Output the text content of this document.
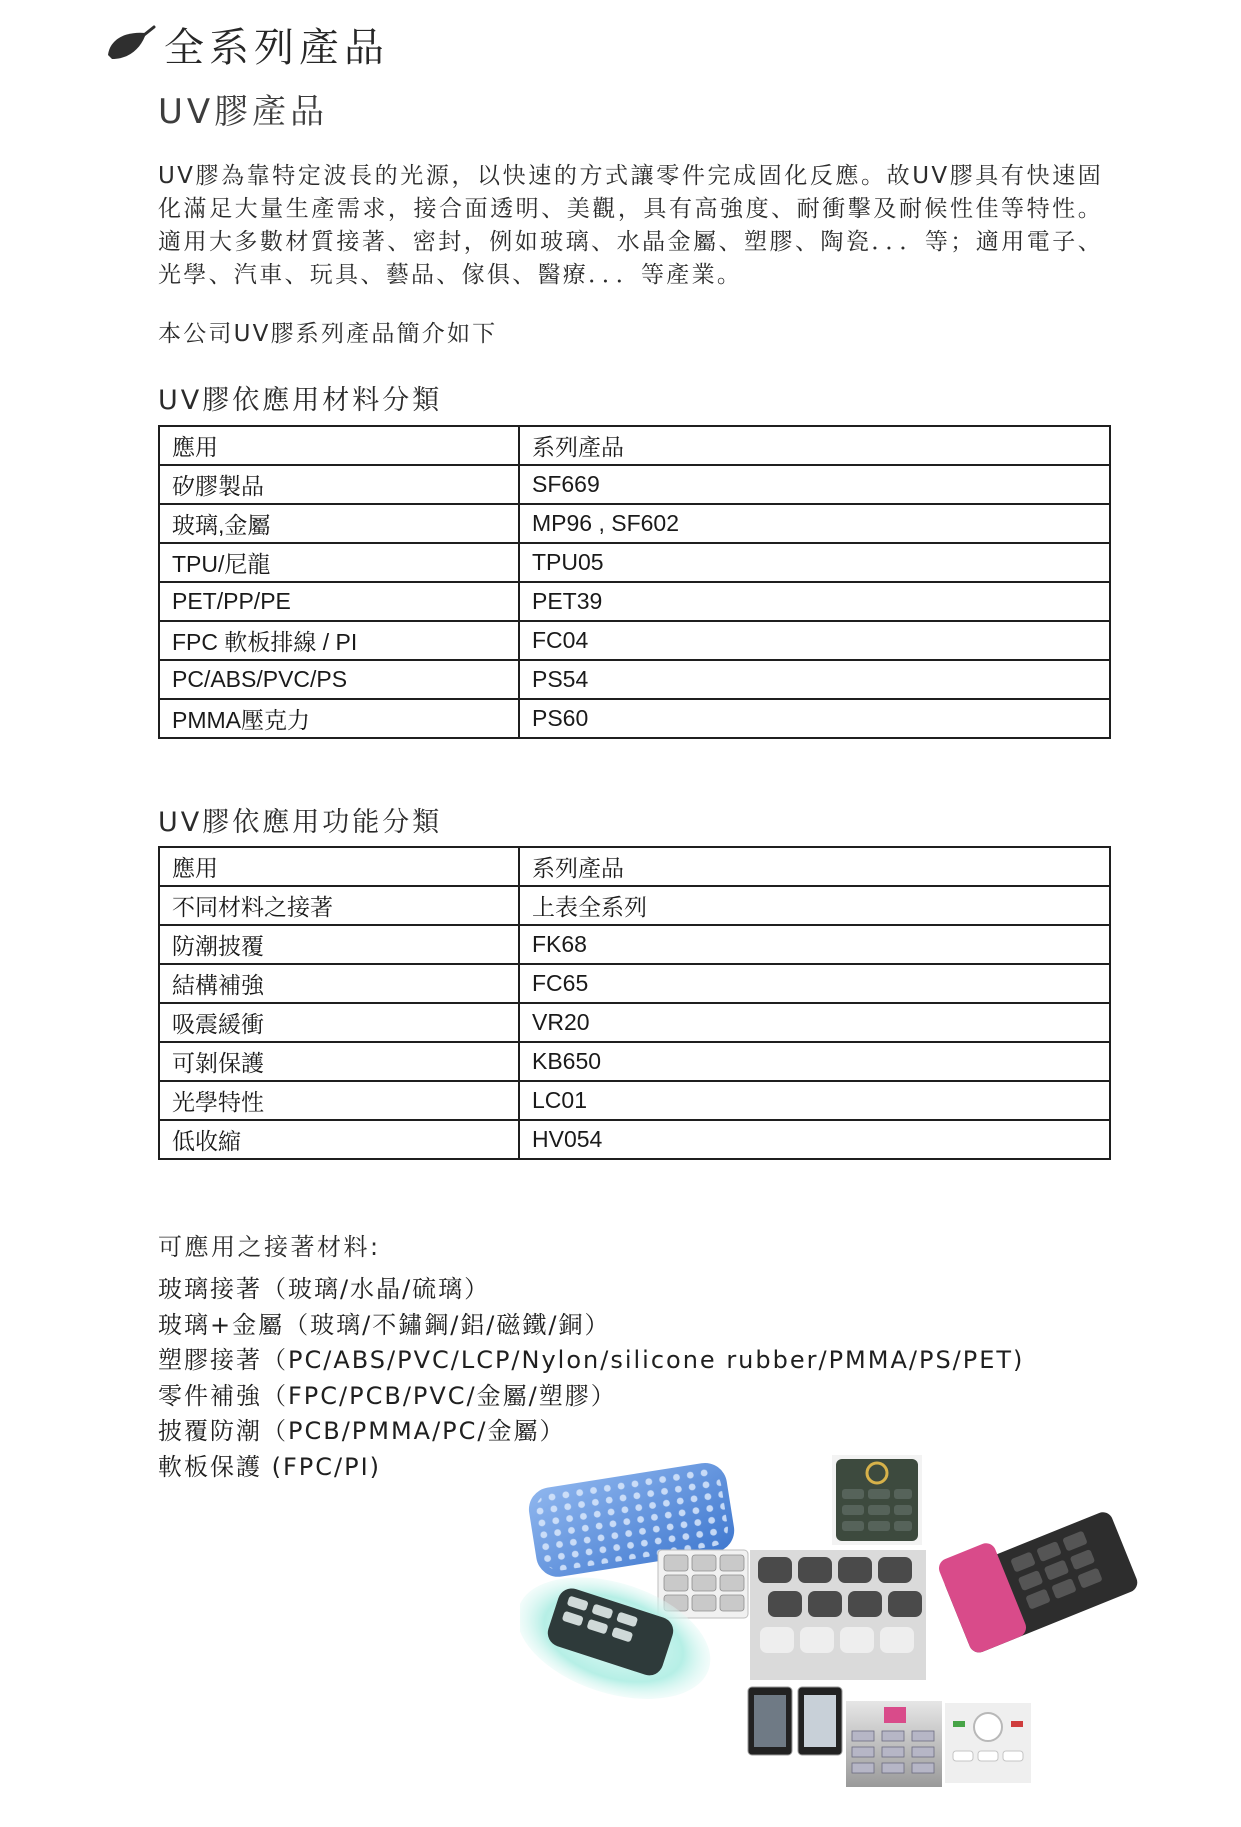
全系列產品
UV膠產品
UV膠為靠特定波長的光源，以快速的方式讓零件完成固化反應。故UV膠具有快速固化滿足大量生產需求，接合面透明、美觀，具有高強度、耐衝擊及耐候性佳等特性。適用大多數材質接著、密封，例如玻璃、水晶金屬、塑膠、陶瓷．．．等；適用電子、光學、汽車、玩具、藝品、傢俱、醫療．．．等產業。
本公司UV膠系列產品簡介如下
UV膠依應用材料分類
應用	系列產品
矽膠製品	SF669
玻璃,金屬	MP96 , SF602
TPU/尼龍	TPU05
PET/PP/PE	PET39
FPC 軟板排線 / PI	FC04
PC/ABS/PVC/PS	PS54
PMMA壓克力	PS60
UV膠依應用功能分類
應用	系列產品
不同材料之接著	上表全系列
防潮披覆	FK68
結構補強	FC65
吸震緩衝	VR20
可剝保護	KB650
光學特性	LC01
低收縮	HV054
可應用之接著材料:
玻璃接著（玻璃/水晶/硫璃）
玻璃+金屬（玻璃/不鏽鋼/鋁/磁鐵/銅）
塑膠接著（PC/ABS/PVC/LCP/Nylon/silicone rubber/PMMA/PS/PET)
零件補強（FPC/PCB/PVC/金屬/塑膠）
披覆防潮（PCB/PMMA/PC/金屬）
軟板保護 (FPC/PI)
